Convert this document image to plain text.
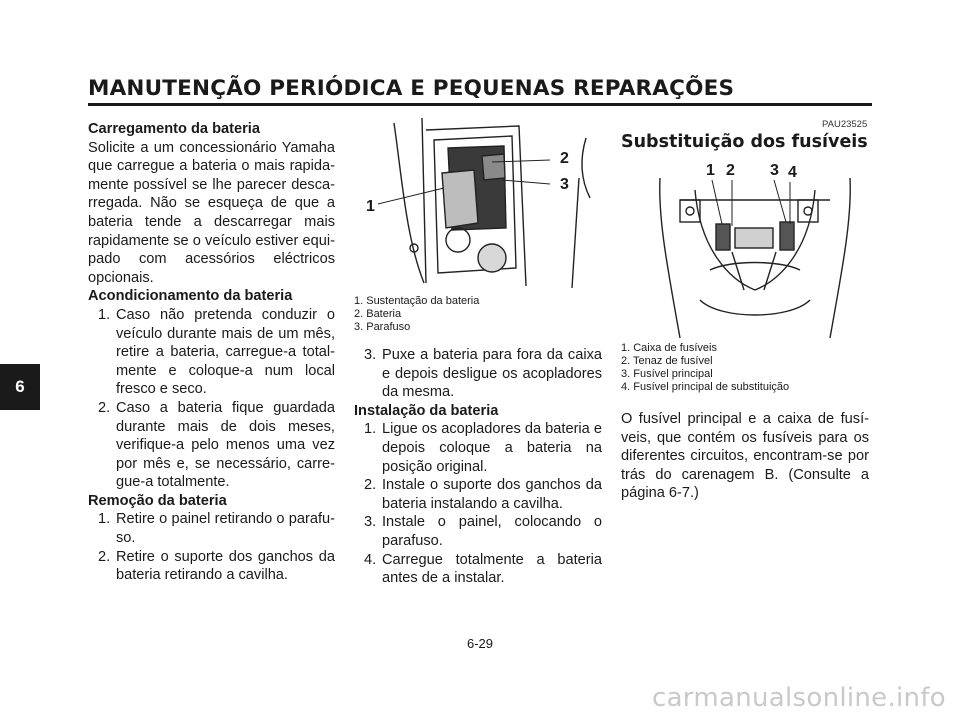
MANUTENÇÃO PERIÓDICA E PEQUENAS REPARAÇÕES
6

Carregamento da bateria

Solicite a um concessionário Yamaha que carregue a bateria o mais rapida-mente possível se lhe parecer desca-rregada. Não se esqueça de que a bateria tende a descarregar mais rapidamente se o veículo estiver equi-pado com acessórios eléctricos opcionais.

Acondicionamento da bateria

1. Caso não pretenda conduzir o veículo durante mais de um mês, retire a bateria, carregue-a total-mente e coloque-a num local fresco e seco.
2. Caso a bateria fique guardada durante mais de dois meses, verifique-a pelo menos uma vez por mês e, se necessário, carre-gue-a totalmente.

Remoção da bateria

1. Retire o painel retirando o parafu-so.
2. Retire o suporte dos ganchos da bateria retirando a cavilha.
1
2
3

1. Sustentação da bateria

2. Bateria

3. Parafuso

3. Puxe a bateria para fora da caixa e depois desligue os acopladores da mesma.

Instalação da bateria

1. Ligue os acopladores da bateria e depois coloque a bateria na posição original.
2. Instale o suporte dos ganchos da bateria instalando a cavilha.
3. Instale o painel, colocando o parafuso.
4. Carregue totalmente a bateria antes de a instalar.
PAU23525
Substituição dos fusíveis
1 2 3 4

1. Caixa de fusíveis

2. Tenaz de fusível

3. Fusível principal

4. Fusível principal de substituição

O fusível principal e a caixa de fusí-veis, que contém os fusíveis para os diferentes circuitos, encontram-se por trás do carenagem B. (Consulte a página 6-7.)

6-29
carmanualsonline.info
